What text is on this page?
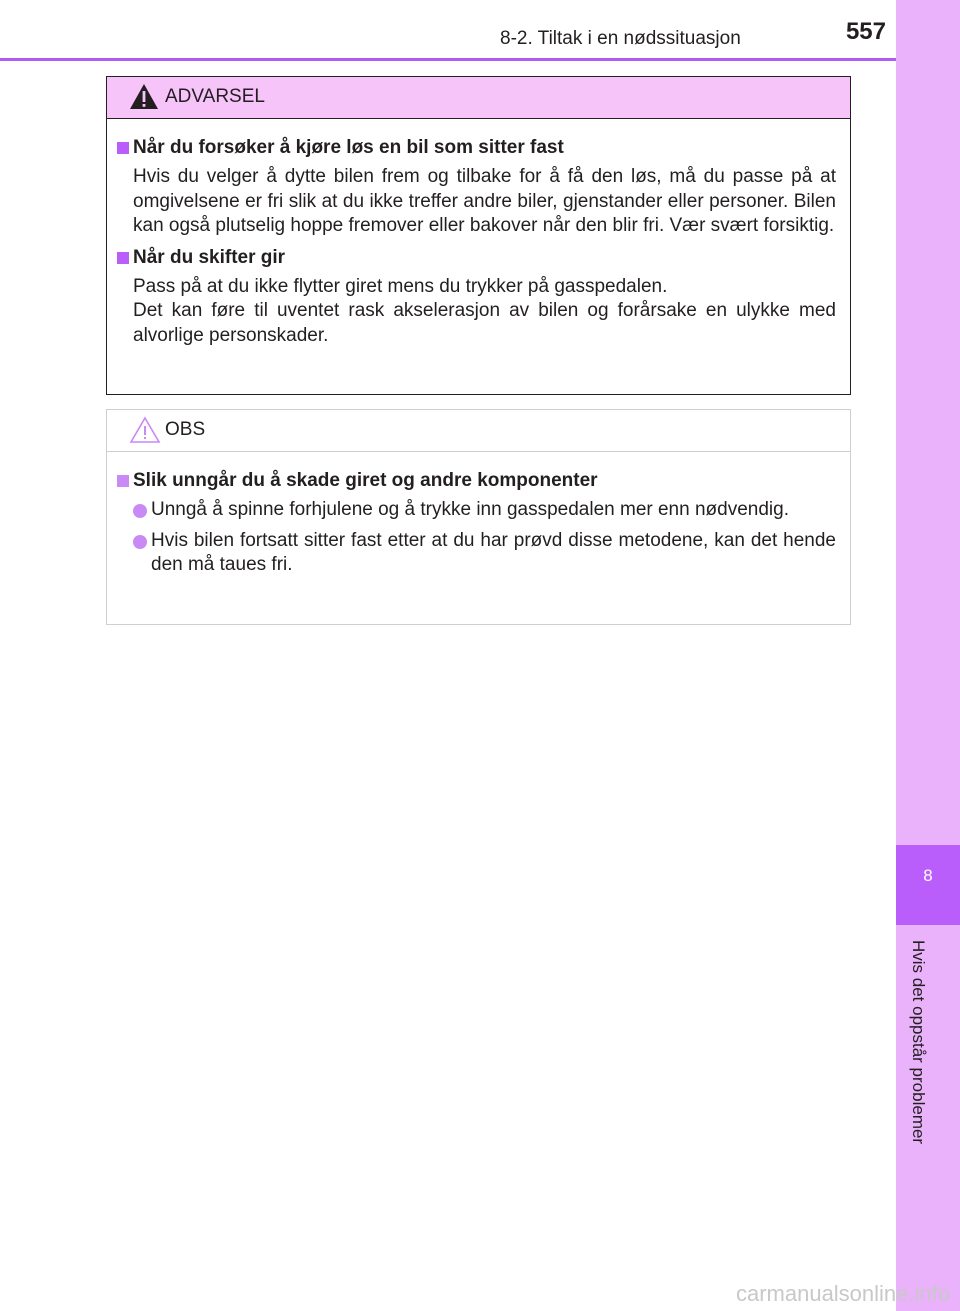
8-2. Tiltak i en nødssituasjon	557
8
Hvis det oppstår problemer
ADVARSEL
Når du forsøker å kjøre løs en bil som sitter fast
Hvis du velger å dytte bilen frem og tilbake for å få den løs, må du passe på at omgivelsene er fri slik at du ikke treffer andre biler, gjenstander eller personer. Bilen kan også plutselig hoppe fremover eller bakover når den blir fri. Vær svært forsiktig.
Når du skifter gir
Pass på at du ikke flytter giret mens du trykker på gasspedalen.
Det kan føre til uventet rask akselerasjon av bilen og forårsake en ulykke med alvorlige personskader.
OBS
Slik unngår du å skade giret og andre komponenter
Unngå å spinne forhjulene og å trykke inn gasspedalen mer enn nødvendig.
Hvis bilen fortsatt sitter fast etter at du har prøvd disse metodene, kan det hende den må taues fri.
carmanualsonline.info
